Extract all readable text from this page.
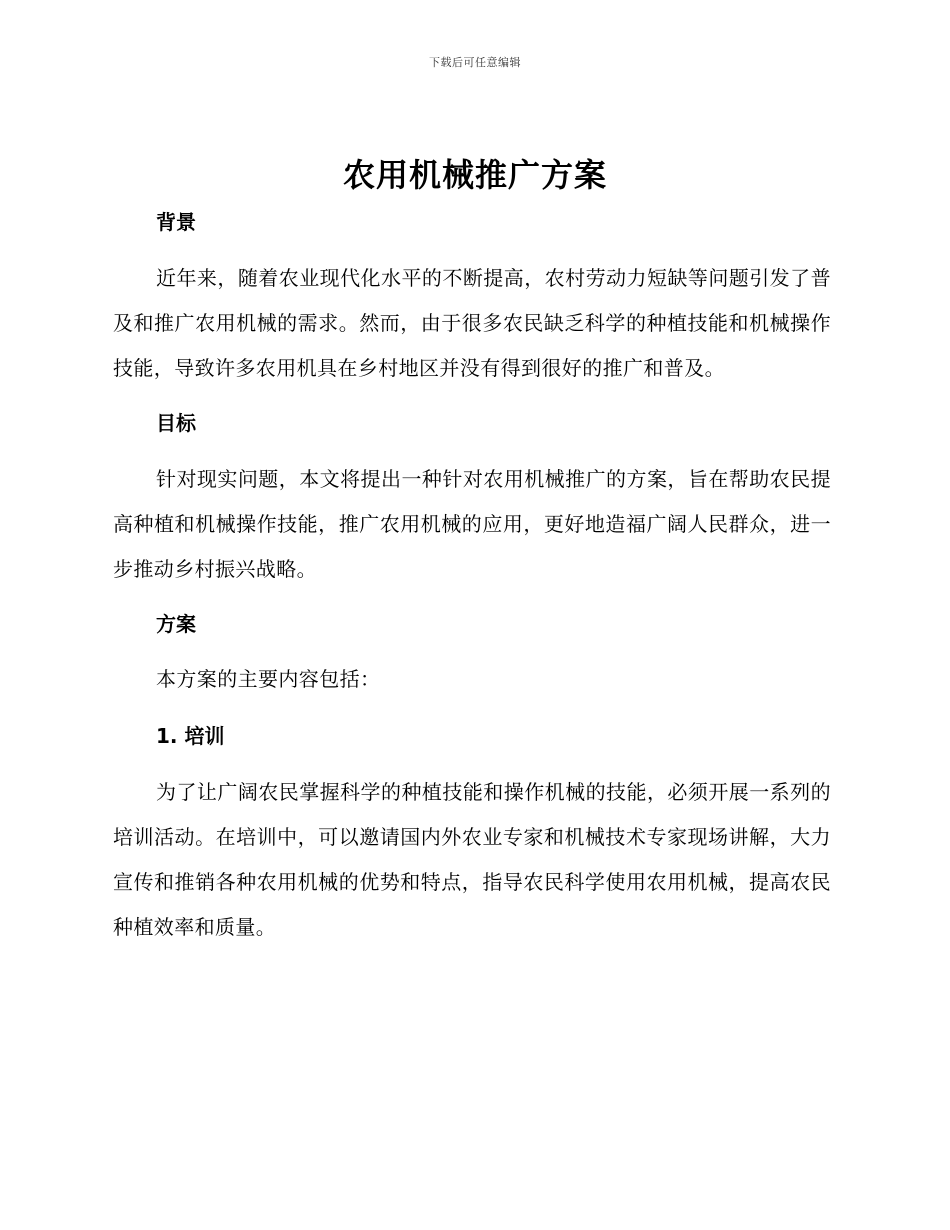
下载后可任意编辑
农用机械推广方案
背景

近年来，随着农业现代化水平的不断提高，农村劳动力短缺等问题引发了普及和推广农用机械的需求。然而，由于很多农民缺乏科学的种植技能和机械操作技能，导致许多农用机具在乡村地区并没有得到很好的推广和普及。

目标

针对现实问题，本文将提出一种针对农用机械推广的方案，旨在帮助农民提高种植和机械操作技能，推广农用机械的应用，更好地造福广阔人民群众，进一步推动乡村振兴战略。

方案

本方案的主要内容包括：

1. 培训

为了让广阔农民掌握科学的种植技能和操作机械的技能，必须开展一系列的培训活动。在培训中，可以邀请国内外农业专家和机械技术专家现场讲解，大力宣传和推销各种农用机械的优势和特点，指导农民科学使用农用机械，提高农民种植效率和质量。
